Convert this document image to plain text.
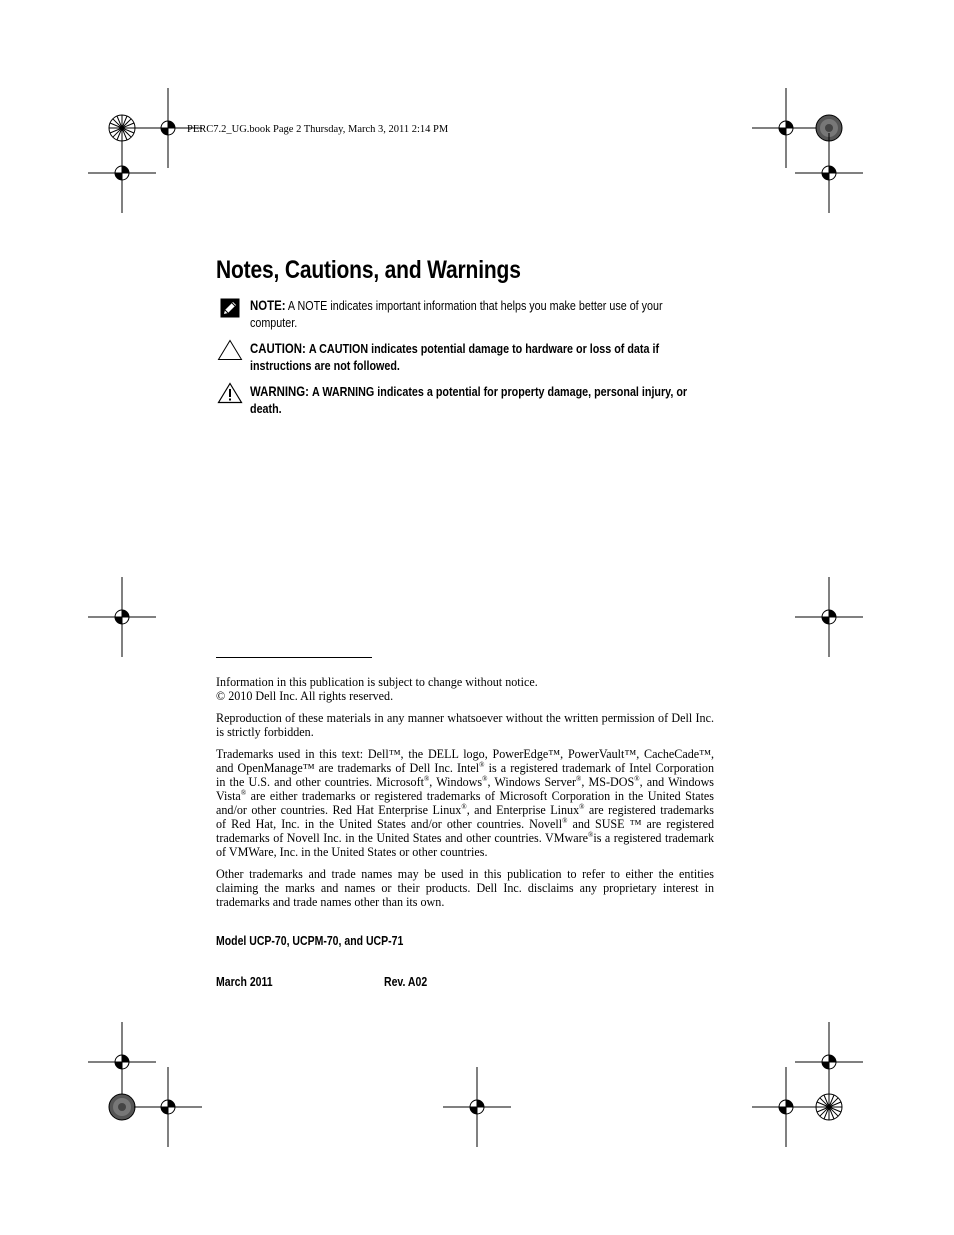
PERC7.2_UG.book Page 2 Thursday, March 3, 2011 2:14 PM
Notes, Cautions, and Warnings
NOTE: A NOTE indicates important information that helps you make better use of your computer.
CAUTION: A CAUTION indicates potential damage to hardware or loss of data if instructions are not followed.
WARNING: A WARNING indicates a potential for property damage, personal injury, or death.
Information in this publication is subject to change without notice.
© 2010 Dell Inc. All rights reserved.
Reproduction of these materials in any manner whatsoever without the written permission of Dell Inc. is strictly forbidden.
Trademarks used in this text: Dell™, the DELL logo, PowerEdge™, PowerVault™, CacheCade™,
and OpenManage™ are trademarks of Dell Inc. Intel® is a registered trademark of Intel Corporation
in the U.S. and other countries. Microsoft®, Windows®, Windows Server®, MS-DOS®, and Windows
Vista® are either trademarks or registered trademarks of Microsoft Corporation in the United States
and/or other countries. Red Hat Enterprise Linux®, and Enterprise Linux® are registered trademarks
of Red Hat, Inc. in the United States and/or other countries. Novell® and SUSE ™ are registered
trademarks of Novell Inc. in the United States and other countries. VMware®is a registered trademark
of VMWare, Inc. in the United States or other countries.
Other trademarks and trade names may be used in this publication to refer to either the entities claiming the marks and names or their products. Dell Inc. disclaims any proprietary interest in trademarks and trade names other than its own.
Model UCP-70, UCPM-70, and UCP-71
March 2011	Rev. A02
